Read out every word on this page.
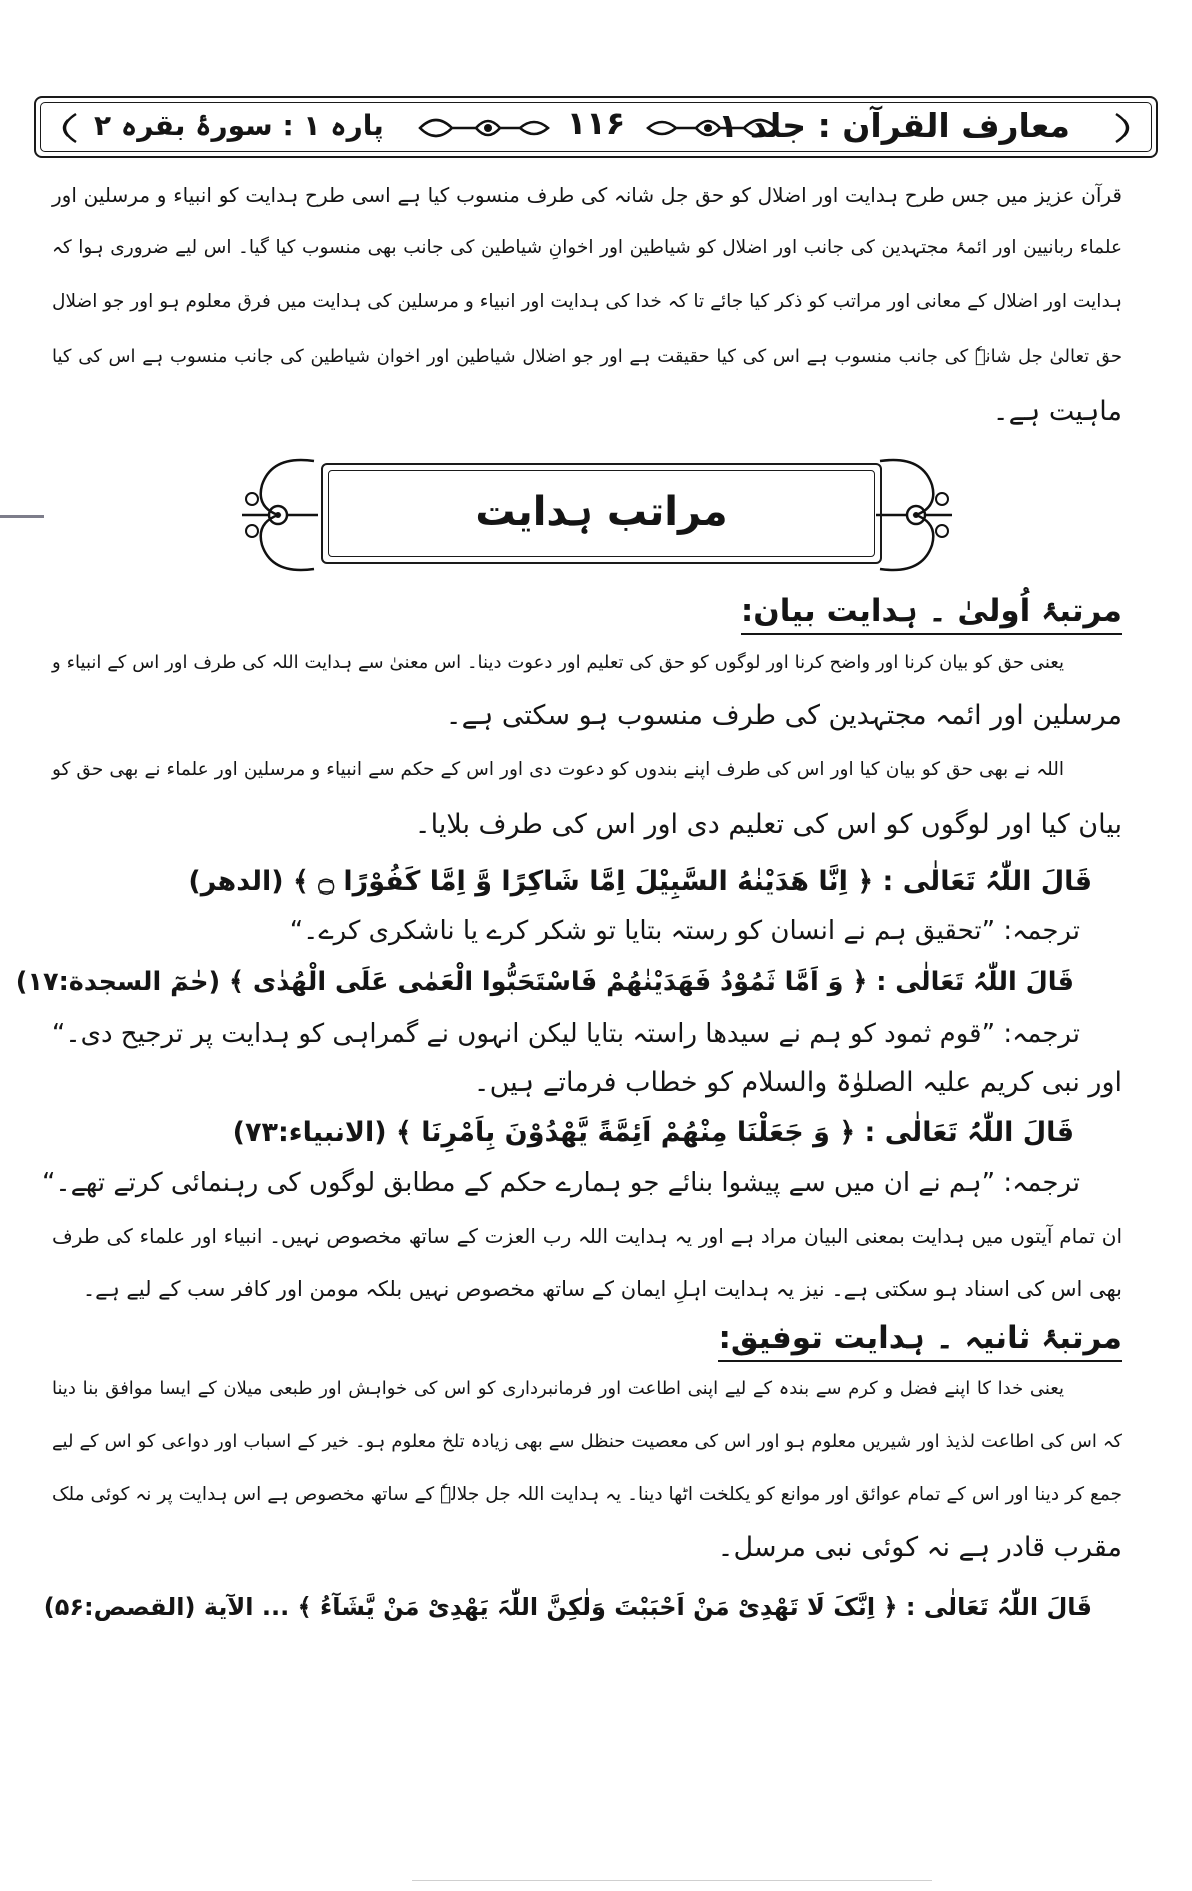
معارف القرآن : جلد ۱
۱۱۶
پارہ ۱ : سورۂ بقرہ ۲
قرآن عزیز میں جس طرح ہدایت اور اضلال کو حق جل شانہ کی طرف منسوب کیا ہے اسی طرح ہدایت کو انبیاء و مرسلین اور
علماء ربانیین اور ائمۂ مجتہدین کی جانب اور اضلال کو شیاطین اور اخوانِ شیاطین کی جانب بھی منسوب کیا گیا۔ اس لیے ضروری ہوا کہ
ہدایت اور اضلال کے معانی اور مراتب کو ذکر کیا جائے تا کہ خدا کی ہدایت اور انبیاء و مرسلین کی ہدایت میں فرق معلوم ہو اور جو اضلال
حق تعالیٰ جل شانہٗ کی جانب منسوب ہے اس کی کیا حقیقت ہے اور جو اضلال شیاطین اور اخوان شیاطین کی جانب منسوب ہے اس کی کیا
ماہیت ہے۔
مراتب ہدایت
مرتبۂ اُولیٰ ۔ ہدایت بیان:
یعنی حق کو بیان کرنا اور واضح کرنا اور لوگوں کو حق کی تعلیم اور دعوت دینا۔ اس معنیٰ سے ہدایت اللہ کی طرف اور اس کے انبیاء و
مرسلین اور ائمہ مجتہدین کی طرف منسوب ہو سکتی ہے۔
اللہ نے بھی حق کو بیان کیا اور اس کی طرف اپنے بندوں کو دعوت دی اور اس کے حکم سے انبیاء و مرسلین اور علماء نے بھی حق کو
بیان کیا اور لوگوں کو اس کی تعلیم دی اور اس کی طرف بلایا۔
قَالَ اللّٰہُ تَعَالٰی : ﴿ اِنَّا ھَدَیْنٰهُ السَّبِیْلَ اِمَّا شَاکِرًا وَّ اِمَّا کَفُوْرًا ۝ ﴾ (الدھر)
ترجمہ: ”تحقیق ہم نے انسان کو رستہ بتایا تو شکر کرے یا ناشکری کرے۔“
قَالَ اللّٰہُ تَعَالٰی : ﴿ وَ اَمَّا ثَمُوْدُ فَھَدَیْنٰھُمْ فَاسْتَحَبُّوا الْعَمٰی عَلَی الْھُدٰی ﴾ (حٰمٓ السجدة:۱۷)
ترجمہ: ”قوم ثمود کو ہم نے سیدھا راستہ بتایا لیکن انہوں نے گمراہی کو ہدایت پر ترجیح دی۔“
اور نبی کریم علیہ الصلوٰۃ والسلام کو خطاب فرماتے ہیں۔
قَالَ اللّٰہُ تَعَالٰی : ﴿ وَ جَعَلْنَا مِنْھُمْ اَئِمَّةً یَّھْدُوْنَ بِاَمْرِنَا ﴾ (الانبیاء:۷۳)
ترجمہ: ”ہم نے ان میں سے پیشوا بنائے جو ہمارے حکم کے مطابق لوگوں کی رہنمائی کرتے تھے۔“
ان تمام آیتوں میں ہدایت بمعنی البیان مراد ہے اور یہ ہدایت اللہ رب العزت کے ساتھ مخصوص نہیں۔ انبیاء اور علماء کی طرف
بھی اس کی اسناد ہو سکتی ہے۔ نیز یہ ہدایت اہلِ ایمان کے ساتھ مخصوص نہیں بلکہ مومن اور کافر سب کے لیے ہے۔
مرتبۂ ثانیہ ۔ ہدایت توفیق:
یعنی خدا کا اپنے فضل و کرم سے بندہ کے لیے اپنی اطاعت اور فرمانبرداری کو اس کی خواہش اور طبعی میلان کے ایسا موافق بنا دینا
کہ اس کی اطاعت لذیذ اور شیریں معلوم ہو اور اس کی معصیت حنظل سے بھی زیادہ تلخ معلوم ہو۔ خیر کے اسباب اور دواعی کو اس کے لیے
جمع کر دینا اور اس کے تمام عوائق اور موانع کو یکلخت اٹھا دینا۔ یہ ہدایت اللہ جل جلالہٗ کے ساتھ مخصوص ہے اس ہدایت پر نہ کوئی ملک
مقرب قادر ہے نہ کوئی نبی مرسل۔
قَالَ اللّٰہُ تَعَالٰی : ﴿ اِنَّکَ لَا تَھْدِیْ مَنْ اَحْبَبْتَ وَلٰکِنَّ اللّٰہَ یَھْدِیْ مَنْ یَّشَآءُ ﴾ ... الآیة (القصص:۵۶)
